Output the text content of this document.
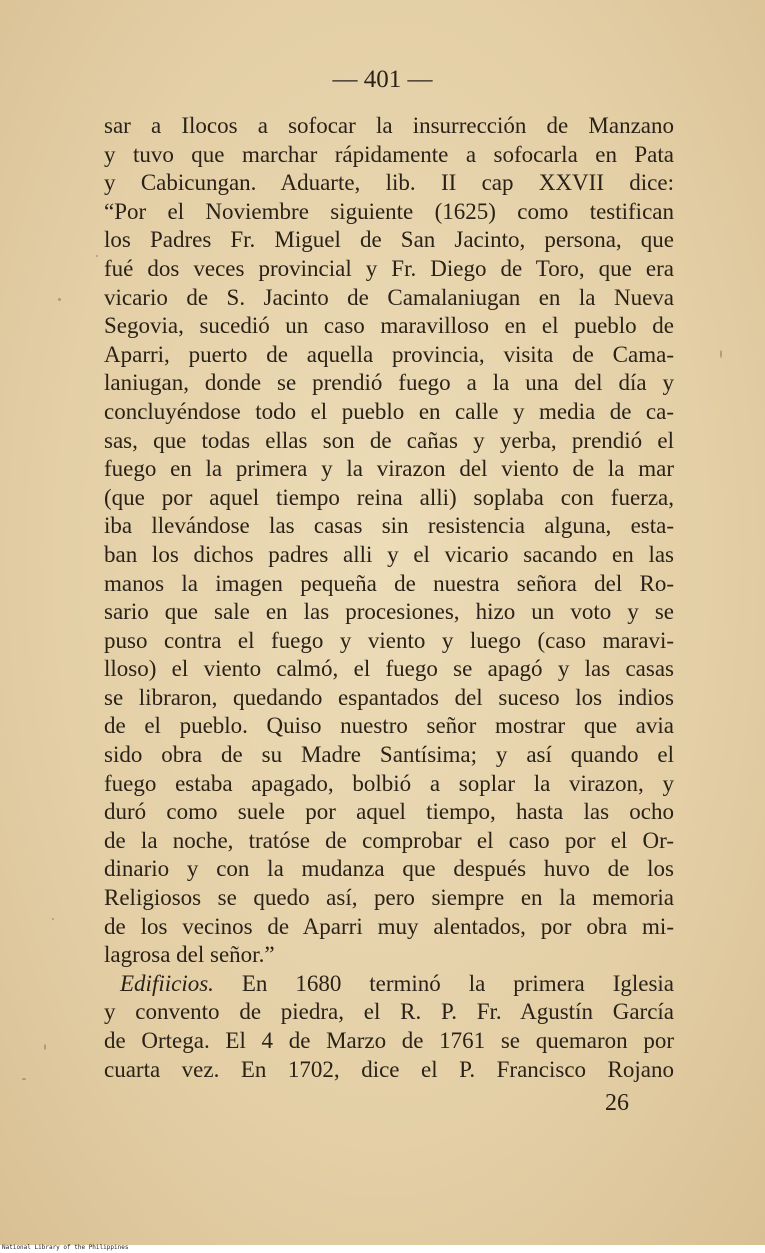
— 401 —
sar a Ilocos a sofocar la insurrección de Manzano
y tuvo que marchar rápidamente a sofocarla en Pata
y Cabicungan. Aduarte, lib. II cap XXVII dice:
“Por el Noviembre siguiente (1625) como testifican
los Padres Fr. Miguel de San Jacinto, persona, que
fué dos veces provincial y Fr. Diego de Toro, que era
vicario de S. Jacinto de Camalaniugan en la Nueva
Segovia, sucedió un caso maravilloso en el pueblo de
Aparri, puerto de aquella provincia, visita de Cama-
laniugan, donde se prendió fuego a la una del día y
concluyéndose todo el pueblo en calle y media de ca-
sas, que todas ellas son de cañas y yerba, prendió el
fuego en la primera y la virazon del viento de la mar
(que por aquel tiempo reina alli) soplaba con fuerza,
iba llevándose las casas sin resistencia alguna, esta-
ban los dichos padres alli y el vicario sacando en las
manos la imagen pequeña de nuestra señora del Ro-
sario que sale en las procesiones, hizo un voto y se
puso contra el fuego y viento y luego (caso maravi-
lloso) el viento calmó, el fuego se apagó y las casas
se libraron, quedando espantados del suceso los indios
de el pueblo. Quiso nuestro señor mostrar que avia
sido obra de su Madre Santísima; y así quando el
fuego estaba apagado, bolbió a soplar la virazon, y
duró como suele por aquel tiempo, hasta las ocho
de la noche, tratóse de comprobar el caso por el Or-
dinario y con la mudanza que después huvo de los
Religiosos se quedo así, pero siempre en la memoria
de los vecinos de Aparri muy alentados, por obra mi-
lagrosa del señor.”
Edifiicios. En 1680 terminó la primera Iglesia
y convento de piedra, el R. P. Fr. Agustín García
de Ortega. El 4 de Marzo de 1761 se quemaron por
cuarta vez. En 1702, dice el P. Francisco Rojano
26
National Library of the Philippines
